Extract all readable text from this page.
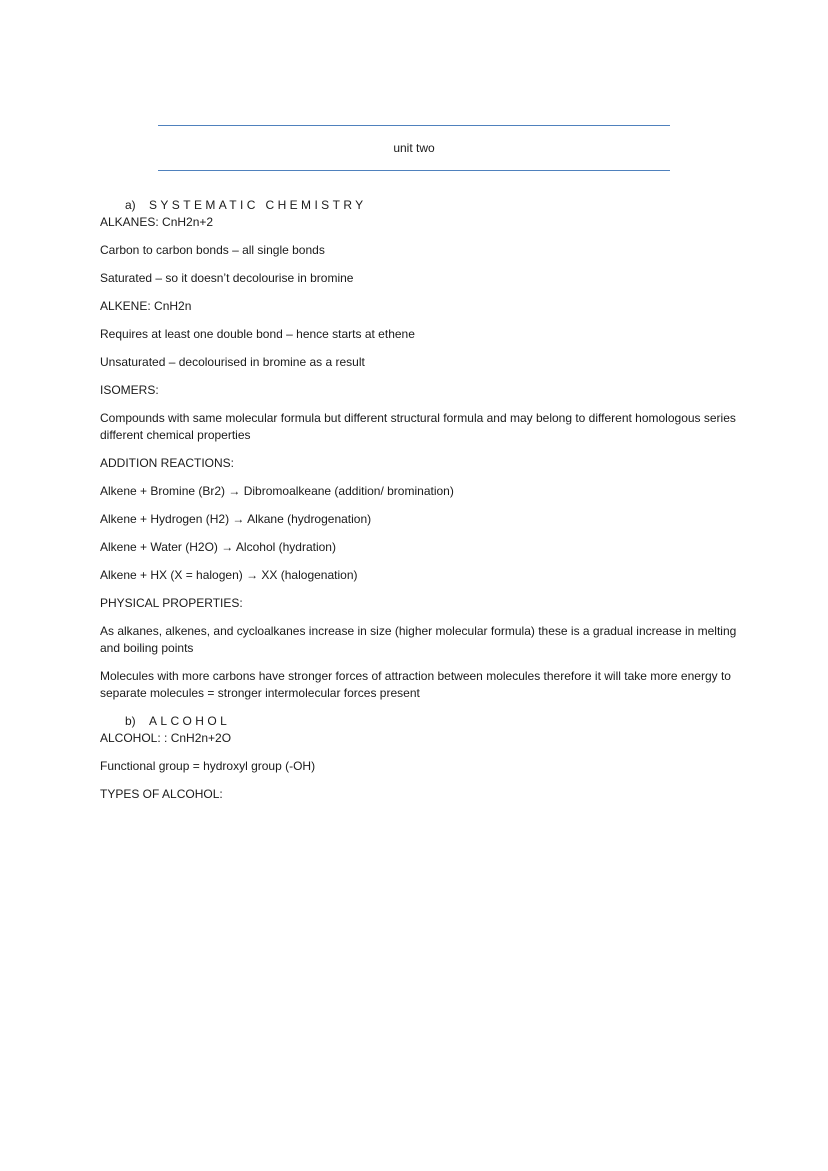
unit two
a) SYSTEMATIC CHEMISTRY
ALKANES: CnH2n+2
Carbon to carbon bonds – all single bonds
Saturated – so it doesn’t decolourise in bromine
ALKENE: CnH2n
Requires at least one double bond – hence starts at ethene
Unsaturated – decolourised in bromine as a result
ISOMERS:
Compounds with same molecular formula but different structural formula and may belong to different homologous series different chemical properties
ADDITION REACTIONS:
Alkene + Bromine (Br2) → Dibromoalkeane (addition/ bromination)
Alkene + Hydrogen (H2) → Alkane (hydrogenation)
Alkene + Water (H2O) → Alcohol (hydration)
Alkene + HX (X = halogen) → XX (halogenation)
PHYSICAL PROPERTIES:
As alkanes, alkenes, and cycloalkanes increase in size (higher molecular formula) these is a gradual increase in melting and boiling points
Molecules with more carbons have stronger forces of attraction between molecules therefore it will take more energy to separate molecules = stronger intermolecular forces present
b) ALCOHOL
ALCOHOL: : CnH2n+2O
Functional group = hydroxyl group (-OH)
TYPES OF ALCOHOL:
